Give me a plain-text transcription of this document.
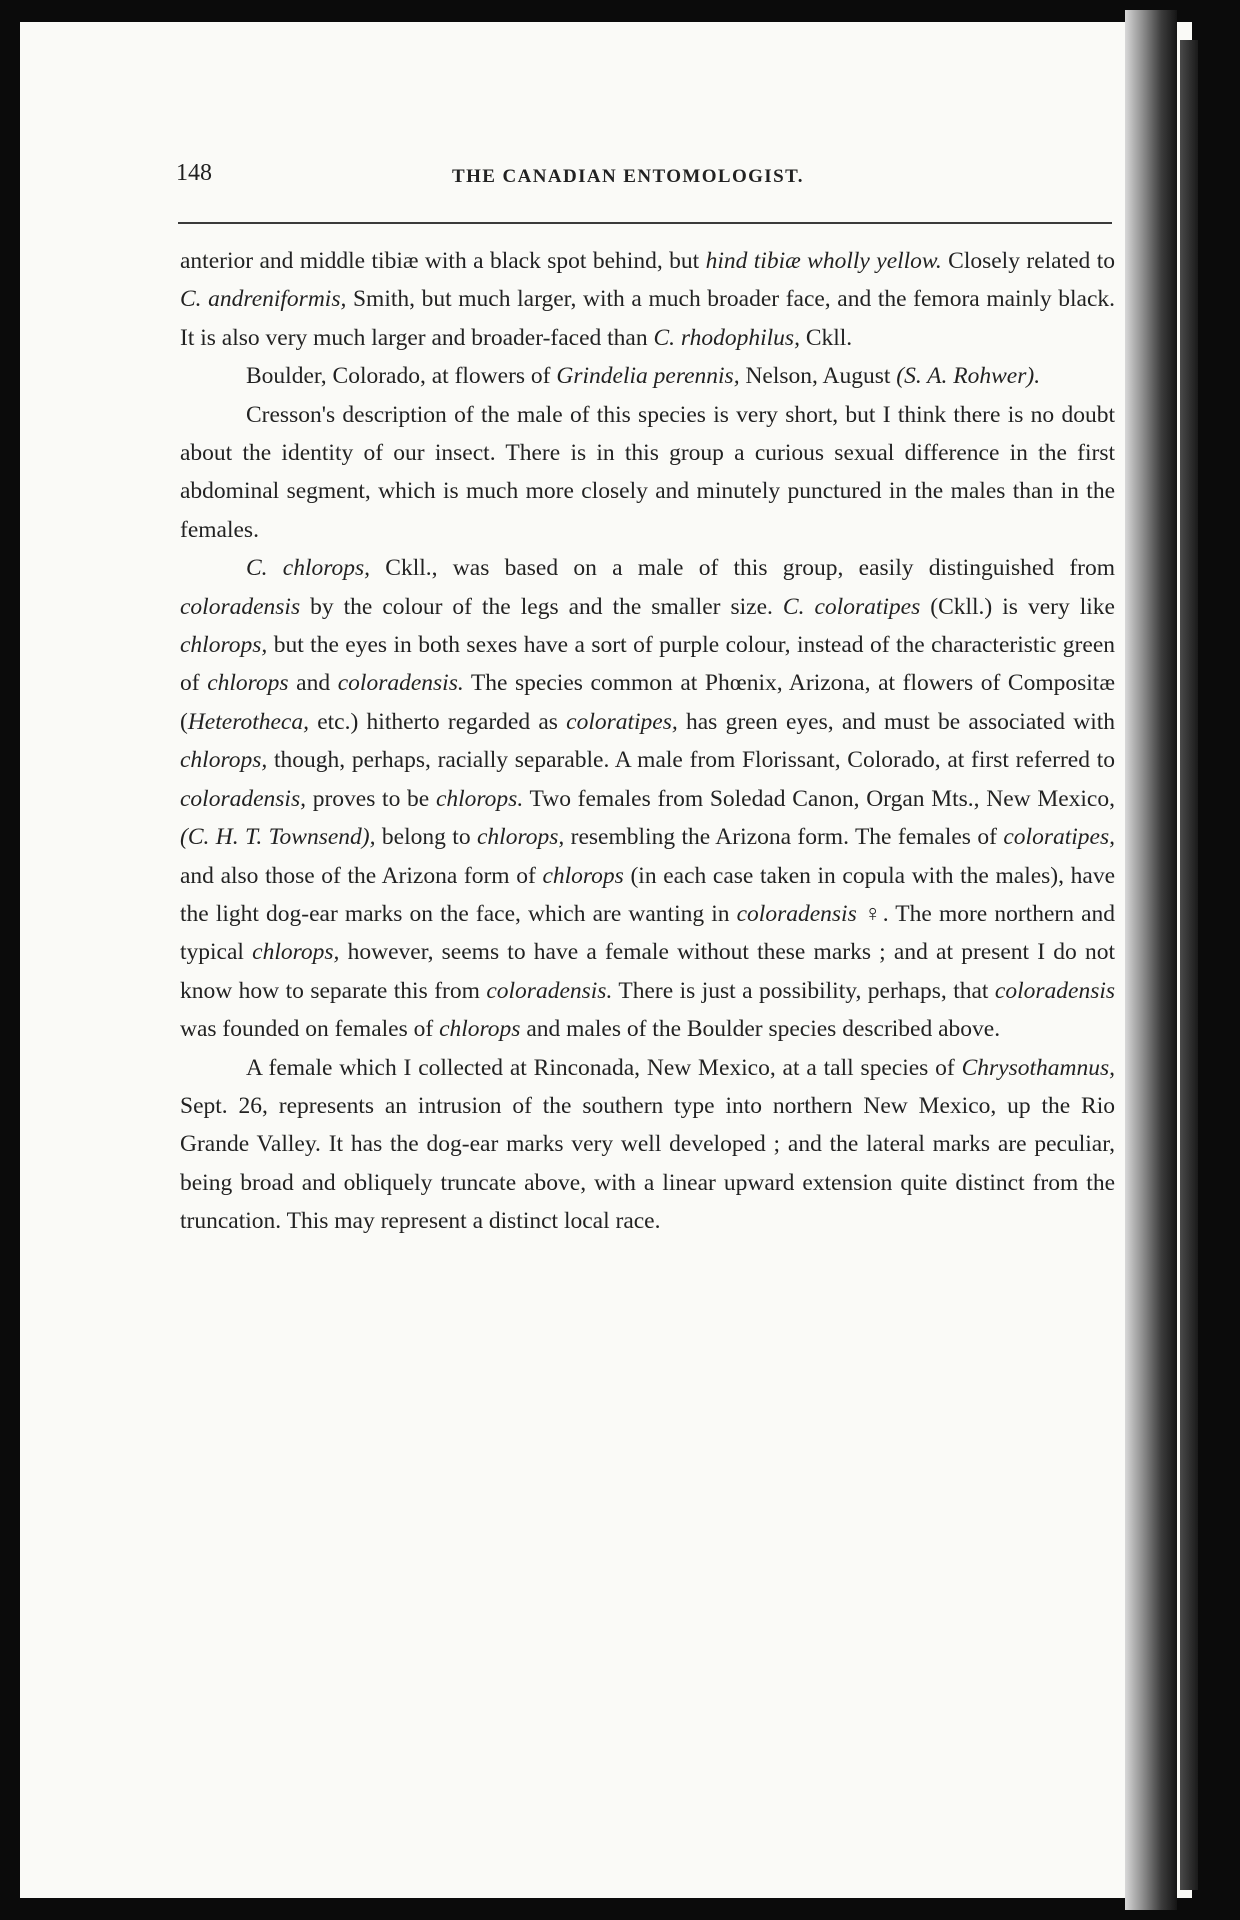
148	THE CANADIAN ENTOMOLOGIST.

anterior and middle tibiæ with a black spot behind, but hind tibiæ wholly yellow. Closely related to C. andreniformis, Smith, but much larger, with a much broader face, and the femora mainly black. It is also very much larger and broader-faced than C. rhodophilus, Ckll.

Boulder, Colorado, at flowers of Grindelia perennis, Nelson, August (S. A. Rohwer).

Cresson's description of the male of this species is very short, but I think there is no doubt about the identity of our insect. There is in this group a curious sexual difference in the first abdominal segment, which is much more closely and minutely punctured in the males than in the females.

C. chlorops, Ckll., was based on a male of this group, easily distinguished from coloradensis by the colour of the legs and the smaller size. C. coloratipes (Ckll.) is very like chlorops, but the eyes in both sexes have a sort of purple colour, instead of the characteristic green of chlorops and coloradensis. The species common at Phœnix, Arizona, at flowers of Compositæ (Heterotheca, etc.) hitherto regarded as coloratipes, has green eyes, and must be associated with chlorops, though, perhaps, racially separable. A male from Florissant, Colorado, at first referred to coloradensis, proves to be chlorops. Two females from Soledad Canon, Organ Mts., New Mexico, (C. H. T. Townsend), belong to chlorops, resembling the Arizona form. The females of coloratipes, and also those of the Arizona form of chlorops (in each case taken in copula with the males), have the light dog-ear marks on the face, which are wanting in coloradensis ♀. The more northern and typical chlorops, however, seems to have a female without these marks ; and at present I do not know how to separate this from coloradensis. There is just a possibility, perhaps, that coloradensis was founded on females of chlorops and males of the Boulder species described above.

A female which I collected at Rinconada, New Mexico, at a tall species of Chrysothamnus, Sept. 26, represents an intrusion of the southern type into northern New Mexico, up the Rio Grande Valley. It has the dog-ear marks very well developed ; and the lateral marks are peculiar, being broad and obliquely truncate above, with a linear upward extension quite distinct from the truncation. This may represent a distinct local race.
